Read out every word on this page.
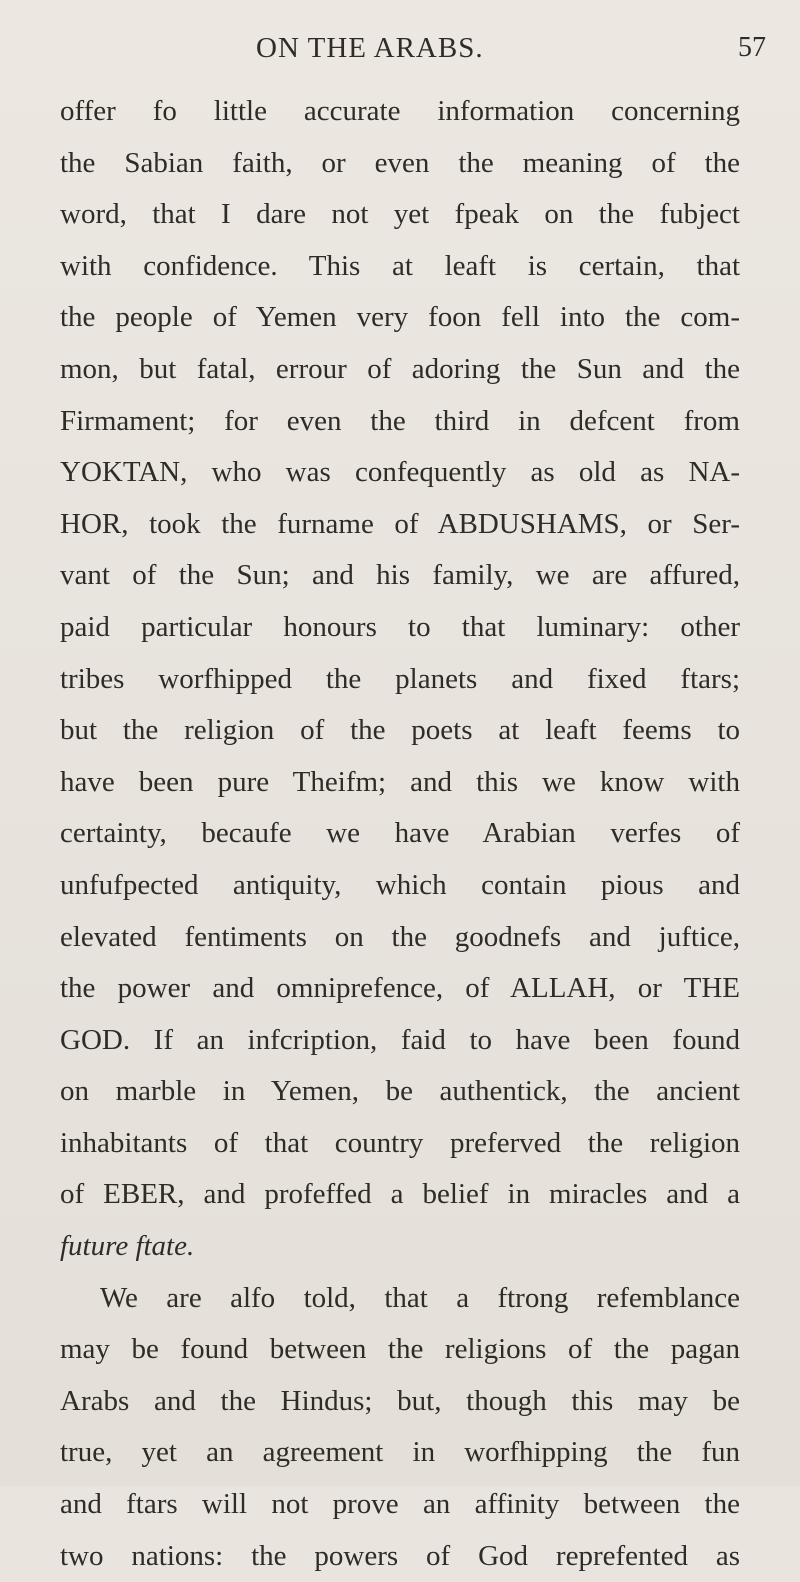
ON THE ARABS.	57
offer fo little accurate information concerning
the Sabian faith, or even the meaning of the
word, that I dare not yet fpeak on the fubject
with confidence. This at leaft is certain, that
the people of Yemen very foon fell into the com-
mon, but fatal, errour of adoring the Sun and the
Firmament; for even the third in defcent from
YOKTAN, who was confequently as old as NA-
HOR, took the furname of ABDUSHAMS, or Ser-
vant of the Sun; and his family, we are affured,
paid particular honours to that luminary: other
tribes worfhipped the planets and fixed ftars;
but the religion of the poets at leaft feems to
have been pure Theifm; and this we know with
certainty, becaufe we have Arabian verfes of
unfufpected antiquity, which contain pious and
elevated fentiments on the goodnefs and juftice,
the power and omniprefence, of ALLAH, or THE
GOD. If an infcription, faid to have been found
on marble in Yemen, be authentick, the ancient
inhabitants of that country preferved the religion
of EBER, and profeffed a belief in miracles and a
future ftate.
We are alfo told, that a ftrong refemblance
may be found between the religions of the pagan
Arabs and the Hindus; but, though this may be
true, yet an agreement in worfhipping the fun
and ftars will not prove an affinity between the
two nations: the powers of God reprefented as
